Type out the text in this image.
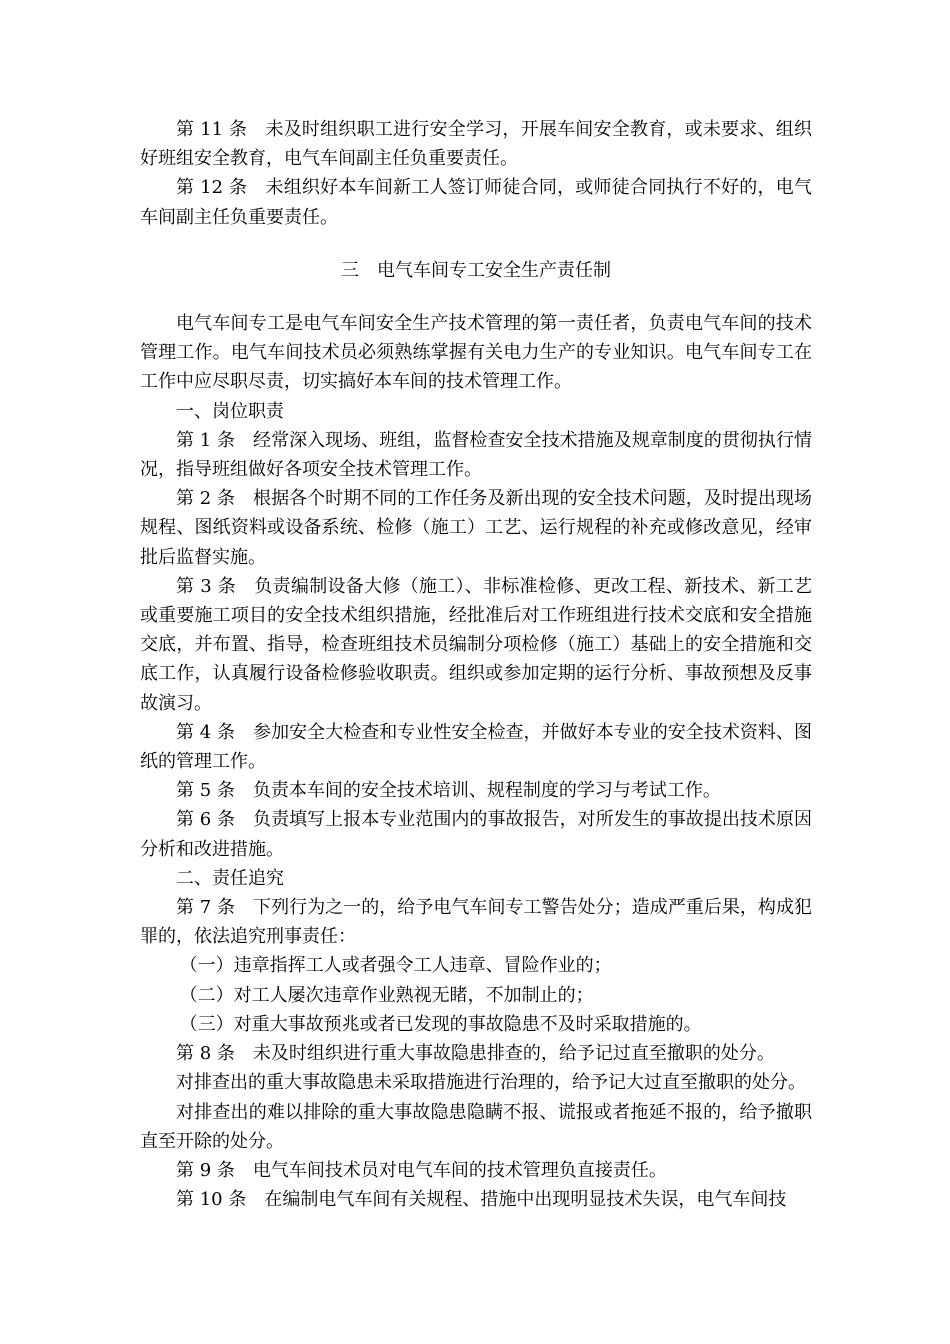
第 11 条　未及时组织职工进行安全学习，开展车间安全教育，或未要求、组织好班组安全教育，电气车间副主任负重要责任。

第 12 条　未组织好本车间新工人签订师徒合同，或师徒合同执行不好的，电气车间副主任负重要责任。

三　电气车间专工安全生产责任制

电气车间专工是电气车间安全生产技术管理的第一责任者，负责电气车间的技术管理工作。电气车间技术员必须熟练掌握有关电力生产的专业知识。电气车间专工在工作中应尽职尽责，切实搞好本车间的技术管理工作。

一、岗位职责

第 1 条　经常深入现场、班组，监督检查安全技术措施及规章制度的贯彻执行情况，指导班组做好各项安全技术管理工作。

第 2 条　根据各个时期不同的工作任务及新出现的安全技术问题，及时提出现场规程、图纸资料或设备系统、检修（施工）工艺、运行规程的补充或修改意见，经审批后监督实施。

第 3 条　负责编制设备大修（施工）、非标准检修、更改工程、新技术、新工艺或重要施工项目的安全技术组织措施，经批准后对工作班组进行技术交底和安全措施交底，并布置、指导，检查班组技术员编制分项检修（施工）基础上的安全措施和交底工作，认真履行设备检修验收职责。组织或参加定期的运行分析、事故预想及反事故演习。

第 4 条　参加安全大检查和专业性安全检查，并做好本专业的安全技术资料、图纸的管理工作。

第 5 条　负责本车间的安全技术培训、规程制度的学习与考试工作。

第 6 条　负责填写上报本专业范围内的事故报告，对所发生的事故提出技术原因分析和改进措施。

二、责任追究

第 7 条　下列行为之一的，给予电气车间专工警告处分；造成严重后果，构成犯罪的，依法追究刑事责任：

（一）违章指挥工人或者强令工人违章、冒险作业的；

（二）对工人屡次违章作业熟视无睹，不加制止的；

（三）对重大事故预兆或者已发现的事故隐患不及时采取措施的。

第 8 条　未及时组织进行重大事故隐患排查的，给予记过直至撤职的处分。

对排查出的重大事故隐患未采取措施进行治理的，给予记大过直至撤职的处分。

对排查出的难以排除的重大事故隐患隐瞒不报、谎报或者拖延不报的，给予撤职直至开除的处分。

第 9 条　电气车间技术员对电气车间的技术管理负直接责任。

第 10 条　在编制电气车间有关规程、措施中出现明显技术失误，电气车间技
